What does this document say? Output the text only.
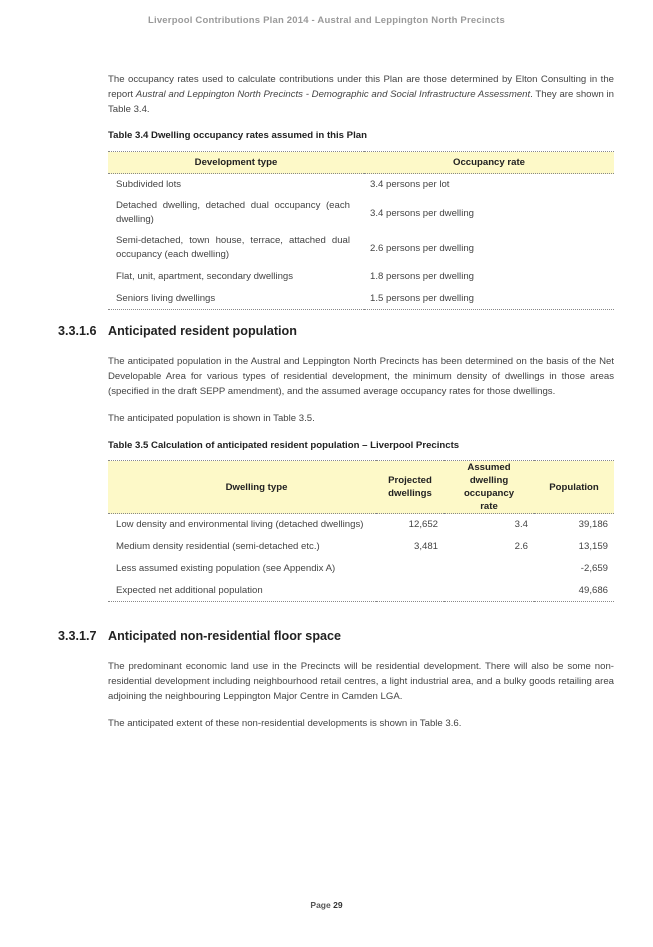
Liverpool Contributions Plan 2014 - Austral and Leppington North Precincts

The occupancy rates used to calculate contributions under this Plan are those determined by Elton Consulting in the report Austral and Leppington North Precincts - Demographic and Social Infrastructure Assessment. They are shown in Table 3.4.

Table 3.4 Dwelling occupancy rates assumed in this Plan
Development type	Occupancy rate
Subdivided lots	3.4 persons per lot
Detached dwelling, detached dual occupancy (each dwelling)	3.4 persons per dwelling
Semi-detached, town house, terrace, attached dual occupancy (each dwelling)	2.6 persons per dwelling
Flat, unit, apartment, secondary dwellings	1.8 persons per dwelling
Seniors living dwellings	1.5 persons per dwelling
3.3.1.6 Anticipated resident population

The anticipated population in the Austral and Leppington North Precincts has been determined on the basis of the Net Developable Area for various types of residential development, the minimum density of dwellings in those areas (specified in the draft SEPP amendment), and the assumed average occupancy rates for those dwellings.

The anticipated population is shown in Table 3.5.

Table 3.5 Calculation of anticipated resident population – Liverpool Precincts
Dwelling type	Projected dwellings	Assumed dwelling occupancy rate	Population
Low density and environmental living (detached dwellings)	12,652	3.4	39,186
Medium density residential (semi-detached etc.)	3,481	2.6	13,159
Less assumed existing population (see Appendix A)			-2,659
Expected net additional population			49,686
3.3.1.7 Anticipated non-residential floor space

The predominant economic land use in the Precincts will be residential development. There will also be some non-residential development including neighbourhood retail centres, a light industrial area, and a bulky goods retailing area adjoining the neighbouring Leppington Major Centre in Camden LGA.

The anticipated extent of these non-residential developments is shown in Table 3.6.

Page 29
